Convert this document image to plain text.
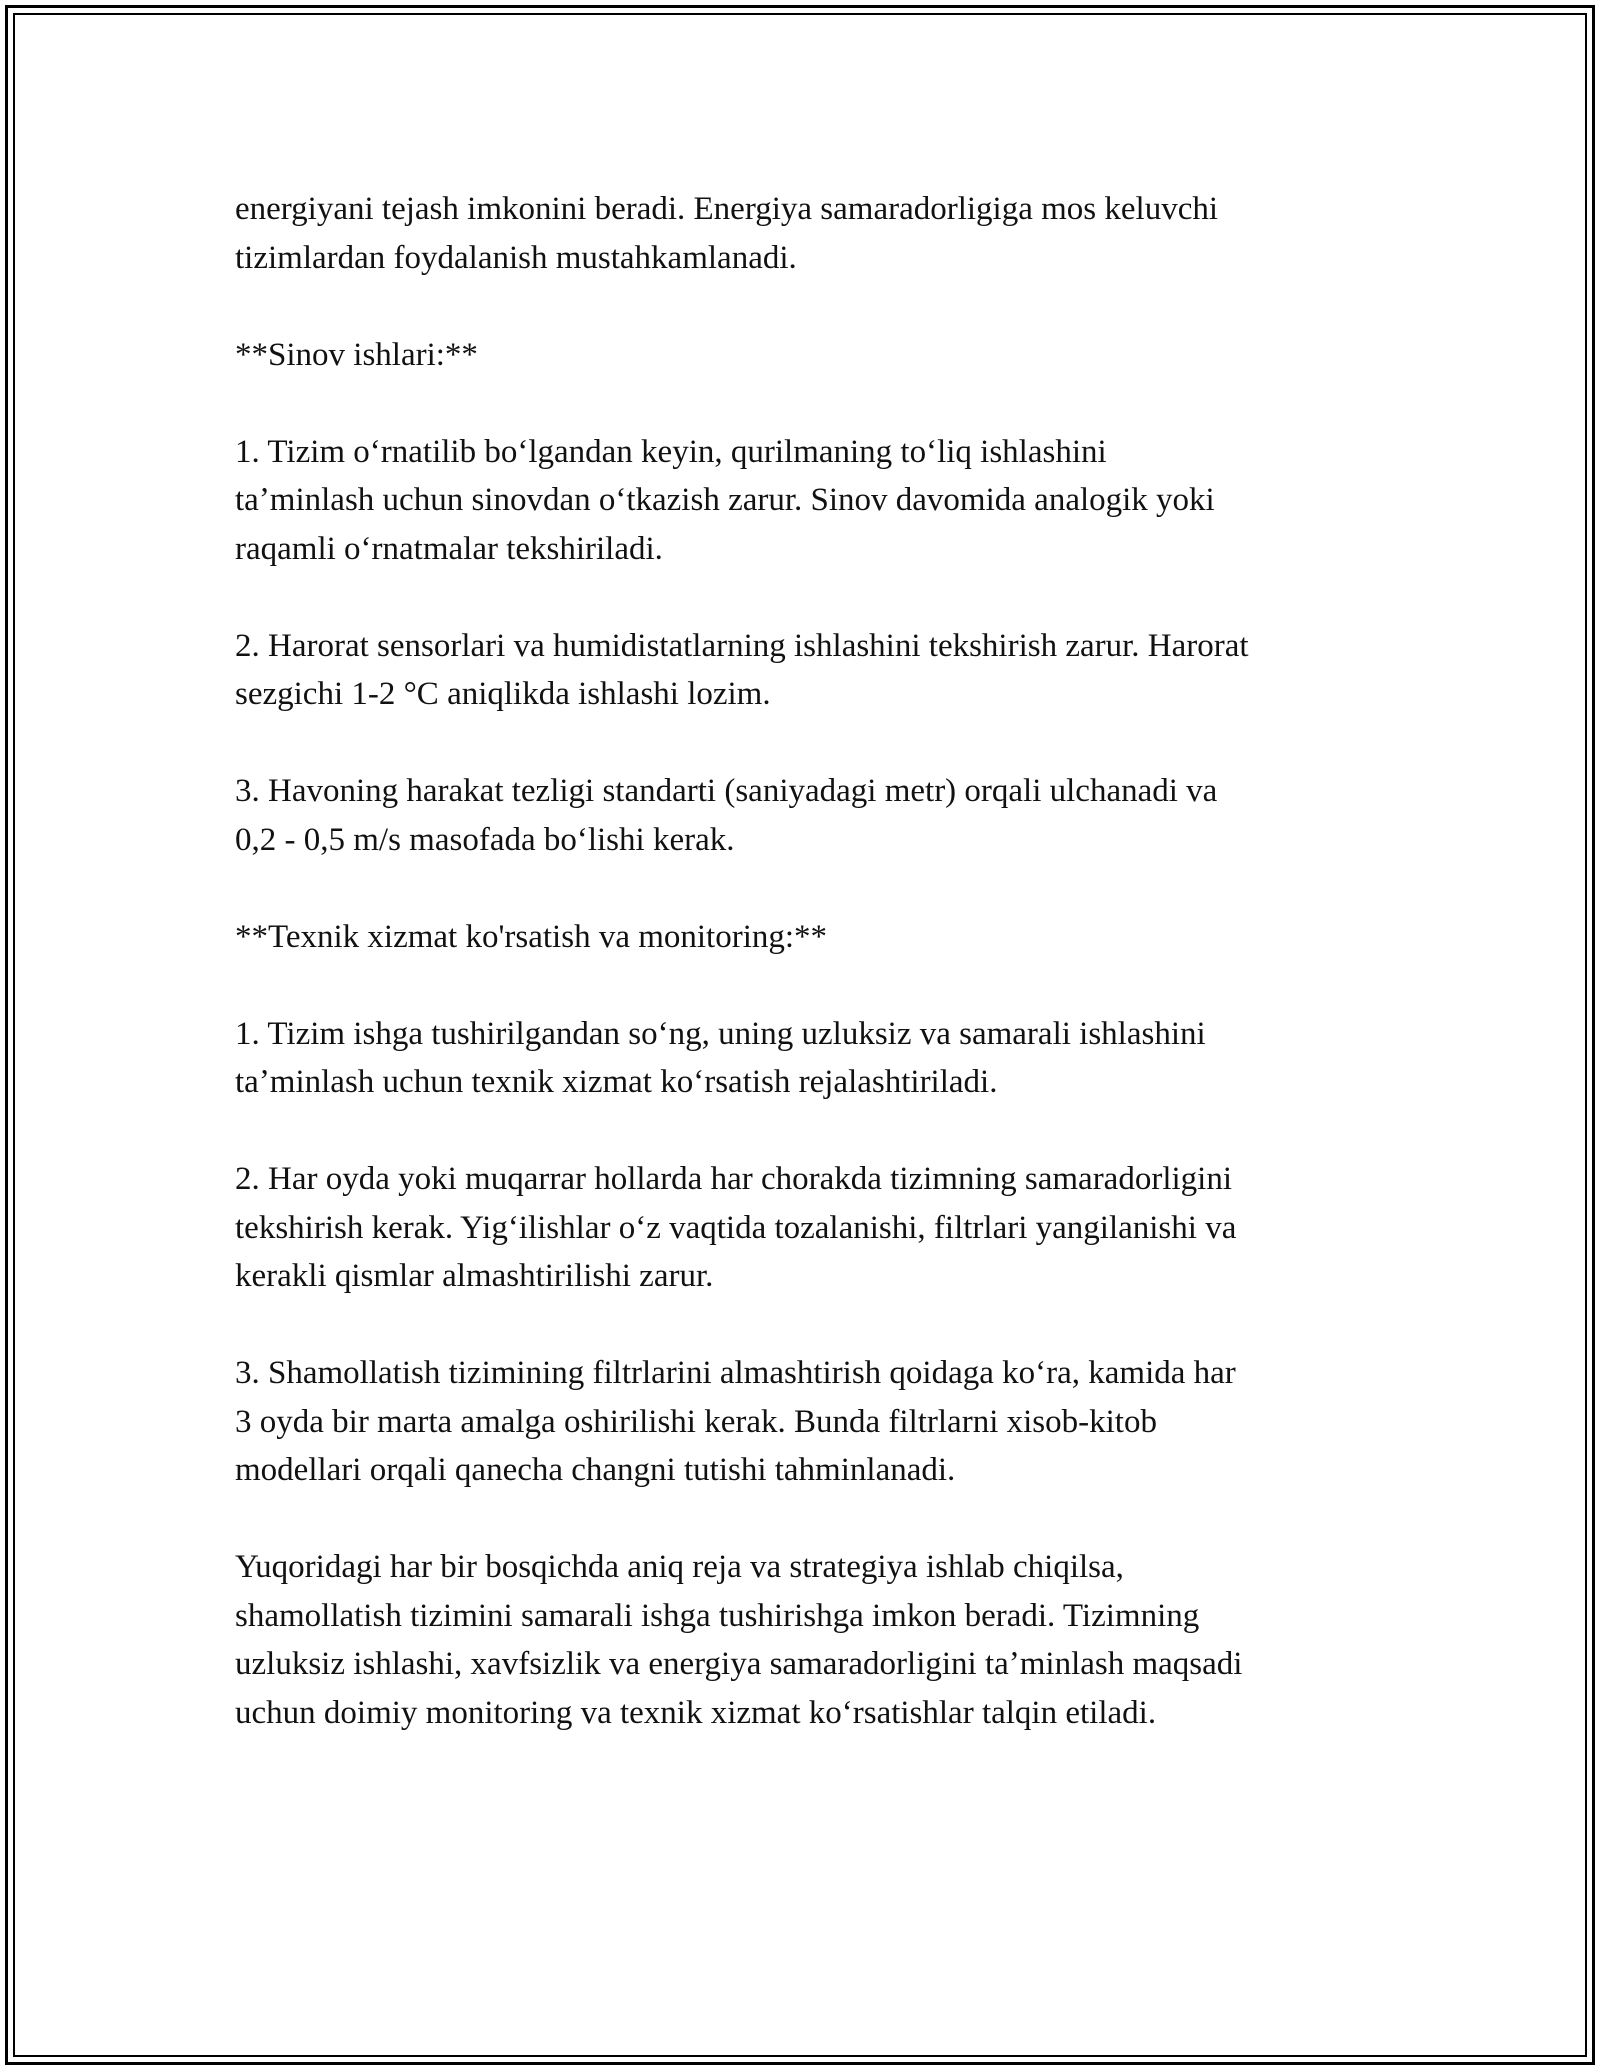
energiyani tejash imkonini beradi. Energiya samaradorligiga mos keluvchi
tizimlardan foydalanish mustahkamlanadi.

**Sinov ishlari:**

1. Tizim oʻrnatilib boʻlgandan keyin, qurilmaning toʻliq ishlashini
taʼminlash uchun sinovdan oʻtkazish zarur. Sinov davomida analogik yoki
raqamli oʻrnatmalar tekshiriladi.

2. Harorat sensorlari va humidistatlarning ishlashini tekshirish zarur. Harorat
sezgichi 1-2 °C aniqlikda ishlashi lozim.

3. Havoning harakat tezligi standarti (saniyadagi metr) orqali ulchanadi va
0,2 - 0,5 m/s masofada boʻlishi kerak.

**Texnik xizmat ko'rsatish va monitoring:**

1. Tizim ishga tushirilgandan soʻng, uning uzluksiz va samarali ishlashini
taʼminlash uchun texnik xizmat koʻrsatish rejalashtiriladi.

2. Har oyda yoki muqarrar hollarda har chorakda tizimning samaradorligini
tekshirish kerak. Yigʻilishlar oʻz vaqtida tozalanishi, filtrlari yangilanishi va
kerakli qismlar almashtirilishi zarur.

3. Shamollatish tizimining filtrlarini almashtirish qoidaga koʻra, kamida har
3 oyda bir marta amalga oshirilishi kerak. Bunda filtrlarni xisob-kitob
modellari orqali qanecha changni tutishi tahminlanadi.

Yuqoridagi har bir bosqichda aniq reja va strategiya ishlab chiqilsa,
shamollatish tizimini samarali ishga tushirishga imkon beradi. Tizimning
uzluksiz ishlashi, xavfsizlik va energiya samaradorligini taʼminlash maqsadi
uchun doimiy monitoring va texnik xizmat koʻrsatishlar talqin etiladi.
